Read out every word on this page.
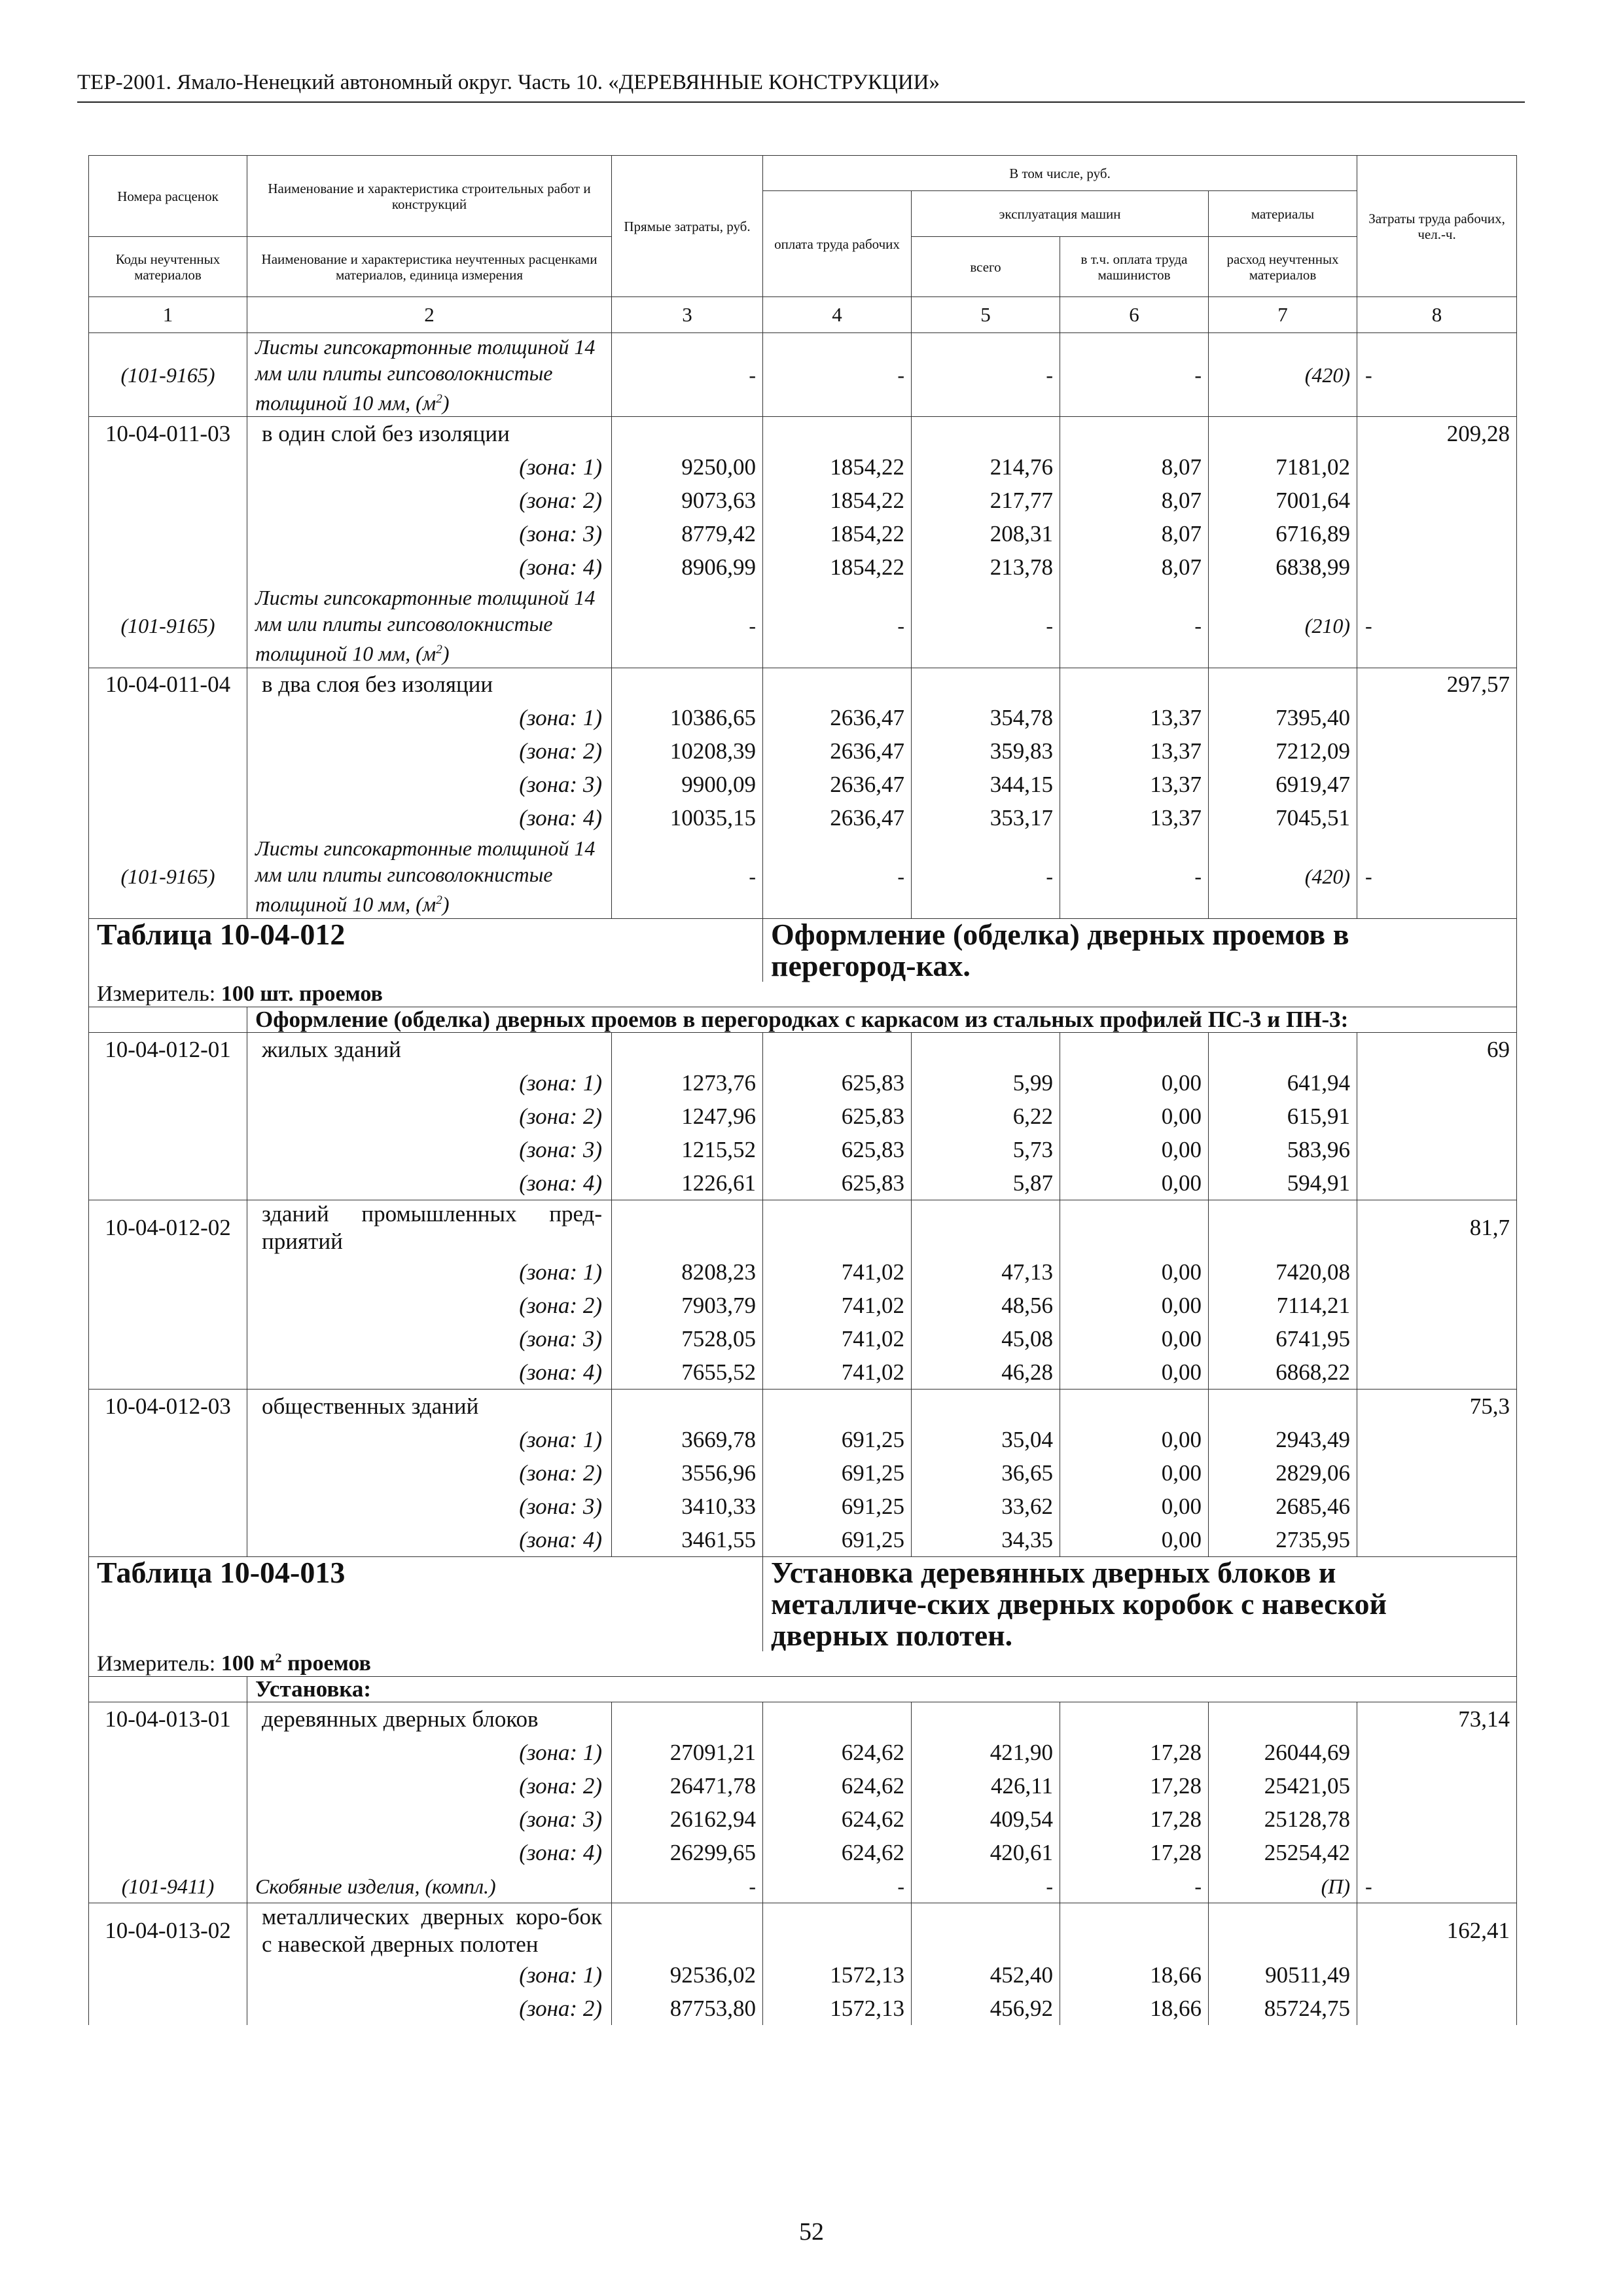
ТЕР-2001. Ямало-Ненецкий автономный округ. Часть 10. «ДЕРЕВЯННЫЕ КОНСТРУКЦИИ»
Номера расценок	Наименование и характеристика строительных работ и конструкций	Прямые затраты, руб.	В том числе, руб.				Затраты труда рабочих, чел.-ч.
			оплата труда рабочих	эксплуатация машин		материалы	
Коды неучтенных материалов	Наименование и характеристика неучтенных расценками материалов, единица измерения			всего	в т.ч. оплата труда машинистов	расход неучтенных материалов	
1	2	3	4	5	6	7	8
(101-9165)	Листы гипсокартонные толщиной 14 мм или плиты гипсоволокнистые толщиной 10 мм, $(м^2)$	-	-	-	-	(420)	-
10-04-011-03	в один слой без изоляции						209,28
	(зона: 1)	9250,00	1854,22	214,76	8,07	7181,02	
	(зона: 2)	9073,63	1854,22	217,77	8,07	7001,64	
	(зона: 3)	8779,42	1854,22	208,31	8,07	6716,89	
	(зона: 4)	8906,99	1854,22	213,78	8,07	6838,99	
(101-9165)	Листы гипсокартонные толщиной 14 мм или плиты гипсоволокнистые толщиной 10 мм, $(м^2)$	-	-	-	-	(210)	-
10-04-011-04	в два слоя без изоляции						297,57
	(зона: 1)	10386,65	2636,47	354,78	13,37	7395,40	
	(зона: 2)	10208,39	2636,47	359,83	13,37	7212,09	
	(зона: 3)	9900,09	2636,47	344,15	13,37	6919,47	
	(зона: 4)	10035,15	2636,47	353,17	13,37	7045,51	
(101-9165)	Листы гипсокартонные толщиной 14 мм или плиты гипсоволокнистые толщиной 10 мм, $(м^2)$	-	-	-	-	(420)	-
Таблица 10-04-012			Оформление (обделка) дверных проемов в перегород-ках.				
Измеритель: 100 шт. проемов							
	Оформление (обделка) дверных проемов в перегородках с каркасом из стальных профилей ПС-3 и ПН-3:						
10-04-012-01	жилых зданий						69
	(зона: 1)	1273,76	625,83	5,99	0,00	641,94	
	(зона: 2)	1247,96	625,83	6,22	0,00	615,91	
	(зона: 3)	1215,52	625,83	5,73	0,00	583,96	
	(зона: 4)	1226,61	625,83	5,87	0,00	594,91	
10-04-012-02	зданий промышленных пред-приятий						81,7
	(зона: 1)	8208,23	741,02	47,13	0,00	7420,08	
	(зона: 2)	7903,79	741,02	48,56	0,00	7114,21	
	(зона: 3)	7528,05	741,02	45,08	0,00	6741,95	
	(зона: 4)	7655,52	741,02	46,28	0,00	6868,22	
10-04-012-03	общественных зданий						75,3
	(зона: 1)	3669,78	691,25	35,04	0,00	2943,49	
	(зона: 2)	3556,96	691,25	36,65	0,00	2829,06	
	(зона: 3)	3410,33	691,25	33,62	0,00	2685,46	
	(зона: 4)	3461,55	691,25	34,35	0,00	2735,95	
Таблица 10-04-013			Установка деревянных дверных блоков и металличе-ских дверных коробок с навеской дверных полотен.				
Измеритель: 100 $м^2$ проемов							
	Установка:						
10-04-013-01	деревянных дверных блоков						73,14
	(зона: 1)	27091,21	624,62	421,90	17,28	26044,69	
	(зона: 2)	26471,78	624,62	426,11	17,28	25421,05	
	(зона: 3)	26162,94	624,62	409,54	17,28	25128,78	
	(зона: 4)	26299,65	624,62	420,61	17,28	25254,42	
(101-9411)	Скобяные изделия, (компл.)	-	-	-	-	(П)	-
10-04-013-02	металлических дверных коро-бок с навеской дверных полотен						162,41
	(зона: 1)	92536,02	1572,13	452,40	18,66	90511,49	
	(зона: 2)	87753,80	1572,13	456,92	18,66	85724,75	
52
